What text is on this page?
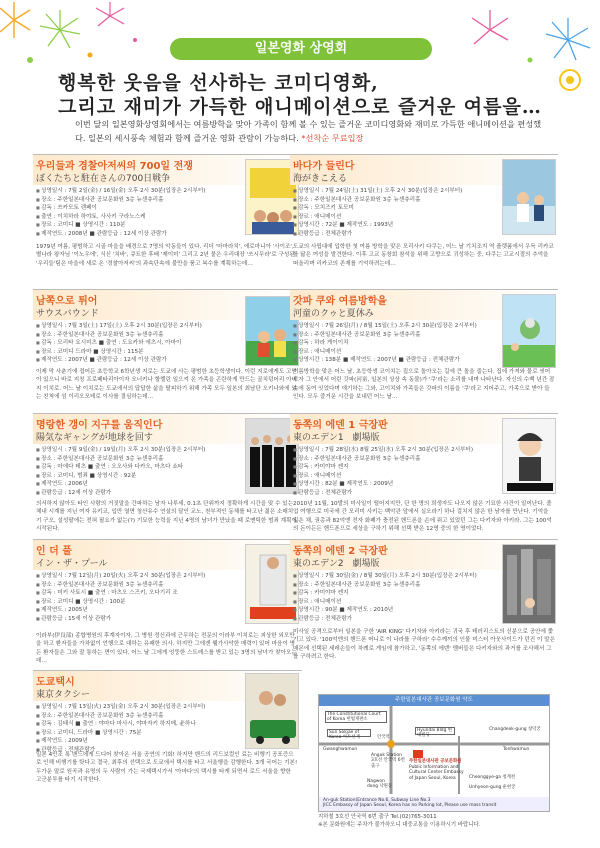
일본영화 상영회
행복한 웃음을 선사하는 코미디영화,
그리고 재미가 가득한 애니메이션으로 즐거운 여름을…
이번 달의 일본영화상영회에서는 여름방학을 맞아 가족이 함께 볼 수 있는 즐거운 코미디영화와 재미로 가득한 애니메이션을 편성했다. 일본의 세시풍속 체험과 함께 즐거운 영화 관람이 가능하다. *선착순 무료입장
우리들과 경찰아저씨의 700일 전쟁
ぼくたちと駐在さんの700日戦争
■ 상영일시 : 7월 2일(金) / 16일(金) 오후 2시 30분(입장은 2시부터)
■ 장소 : 주한일본대사관 공보문화원 3층 뉴센츄리홀
■ 감독 : 쓰카모토 렌페이
■ 출연 : 이치하라 하야토, 사사키 구라노스케
■ 장르 : 코미디 ■ 상영시간 : 110분
■ 제작연도 : 2008년 ■ 관람등급 : 12세 이상 관람가
1979년 여름, 평범하고 시골 마을을 배경으로 7명의 악동들이 있다. 리더 '마마라치', 에로마니아 '사이조', 별나라 왕자님 '이노우에', 식신 '치바', 큐트한 후배 '제이미' 그리고 2년 물은 우리대장 '쓰시무라'로 구성된 '우리들'팀은 마을에 새로 온 '경찰아저씨'의 과속단속에 불만을 품고 복수를 계획하는데…
남쪽으로 튀어
サウスバウンド
■ 상영일시 : 7월 3일(土) 17일(土) 오후 2시 30분(입장은 2시부터)
■ 장소 : 주한일본대사관 공보문화원 3층 뉴센츄리홀
■ 감독 : 모리타 요시미츠 ■ 출연 : 도요카와 에츠시, 아마이
■ 장르 : 코미디 드라마 ■ 상영시간 : 115분
■ 제작연도 : 2007년 ■ 관람등급 : 12세 이상 관람가
이제 막 사춘기에 접어든 초등학교 6학년생 지로는 도쿄에 사는 평범한 초등학생이다. 이런 지로에게도 고민이 있으니 바로 지칭 프로페타리아이자 오너키나 할렐린 일으켜 온 가족을 곤란하게 만드는 골치덩어리 아버지 이치로. 어느 날 이치로는 도쿄에서의 답답한 삶을 탈피하기 위해 가족 모두 일본의 최남단 오키나와에 있는 친척에 섬 이리오모테로 이사를 결심하는데…
명랑한 갱이 지구를 움직인다
陽気なギャングが地球を回す
■ 상영일시 : 7월 9일(金) / 19일(月) 오후 2시 30분(입장은 2시부터)
■ 장소 : 주한일본대사관 공보문화원 3층 뉴센츄리홀
■ 감독 : 마에다 테츠 ■ 출연 : 오오사와 다카오, 마츠다 쇼타
■ 장르 : 코미디, 범죄 ■ 상영시간 : 92분
■ 제작연도 : 2006년
■ 관람등급 : 12세 이상 관람가
의서하지 않아도 타인 사람의 거짓말을 간파하는 남자 나루세, 0.1초 단위까지 정확하게 시간을 맞 수 있는 체내 시계를 지닌 여자 유키코, 입만 열면 청산유수 연설의 달인 교노, 천부적인 동체를 타고난 젊은 소매치기 구오, 설성팔에는 전혀 필요가 없는(?) 기묘한 능력을 지닌 4명의 남녀가 만났을 때 로맨틱한 범죄 계획이 시작된다.
인 더 풀
イン・ザ・プール
■ 상영일시 : 7월 12일(月) 20일(火) 오후 2시 30분(입장은 2시부터)
■ 장소 : 주한일본대사관 공보문화원 3층 뉴센츄리홀
■ 감독 : 미키 사토시 ■ 출연 : 마츠오 스즈키, 오다기리 조
■ 장르 : 코미디 ■ 상영시간 : 100분
■ 제작연도 : 2005년
■ 관람등급 : 15세 이상 관람가
이라부(伊良部) 종합병원의 후계자이자, 그 병원 정신과에 근무하는 전문의 이라부 이치로는 괴상한 외모만을 하고 환자들을 가차없이 언행으로 대하는 유쾌한 의사. 하지만 그에겐 웰가사악한 매력이 있어 마음이 병든 환자들은 그와 잘 통하는 면이 있다. 어느 날 그에게 엉뚱한 스트레스를 받고 있는 3명의 남녀가 찾아오는데…
도쿄택시
東京タクシー
■ 상영일시 : 7월 13일(火) 23일(金) 오후 2시 30분(입장은 2시부터)
■ 장소 : 주한일본대사관 공보문화원 3층 뉴센츄리홀
■ 감독 : 김태식 ■ 출연 : 야마다 마사시, 야마자키 하지메, 윤하나
■ 장르 : 코미디, 드라마 ■ 상영시간 : 75분
■ 제작연도 : 2009년
■ 관람등급 : 전체관람가
일본 4인조 록 밴드에게 드디어 찾아온 서울 공연의 기회! 하지만 밴드의 리드보컬인 료는 비행기 공포증으로 인해 비행기를 탓다고 결국, 최후의 선택으로 도쿄에서 택시를 타고 서울행을 감행한다. 3개 국어는 기본! 두가운 말로 원곡과 유명의 두 사람이 가는 국제택시가서 '아마다'의 택시를 타게 되면서 로드 서울을 향한 고군분투를 타기 시작한다.
바다가 들린다
海がきこえる
■ 상영일시 : 7월 24일(土) 31일(土) 오후 2시 30분(입장은 2시부터)
■ 장소 : 주한일본대사관 공보문화원 3층 뉴센츄리홀
■ 감독 : 모치즈키 토모미
■ 장르 : 애니메이션
■ 상영시간 : 72분 ■ 제작연도 : 1993년
■ 관람등급 : 전체관람가
도쿄의 사립대에 입학한 첫 여름 방학을 맞은 모리사키 다쿠는, 어느 날 기치조지 역 플랫폼에서 우득 리카코를 닮은 여성을 발견한다. 이후 고교 동창회 참석을 위해 고향으로 귀성하는 중, 다쿠는 고교시절의 추억을 떠올리며 리카코의 존재를 기억하려는데…
갓파 쿠와 여름방학을
河童のクゥと夏休み
■ 상영일시 : 7월 26일(月) / 8월 15일(土) 오후 2시 30분(입장은 2시부터)
■ 장소 : 주한일본대사관 공보문화원 3층 뉴센츄리홀
■ 감독 : 하라 게이이치
■ 장르 : 애니메이션
■ 상영시간 : 138분 ■ 제작연도 : 2007년 ■ 관람등급 : 전체관람가
여름방학을 맞은 어느 날, 초등학생 코이치는 집으로 돌아오는 길에 큰 돌을 줍는다. 집에 가져와 물로 씻어보자 그 안에서 어린 갓파(河童, 일본의 상상 속 동물)가 '쿠'라는 소리를 내며 나타난다. 자신의 수백 년간 잠 속에 동여 잇었다며 얘기하는 그와, 고이치와 가족들은 갓파의 이름을 '쿠'라고 지어주고, 가족으로 받아 들인다. 모두 즐거운 시간을 보내던 어느 날…
동쪽의 에덴 1 극장판
東のエデン1　劇場版
■ 상영일시 : 7월 28일(水) 8월 25일(水) 오후 2시 30분(입장은 2시부터)
■ 장소 : 주한일본대사관 공보문화원 3층 뉴센츄리홀
■ 감독 : 카미야마 켄지
■ 장르 : 애니메이션
■ 상영시간 : 82분 ■ 제작연도 : 2009년
■ 관람등급 : 전체관람가
2010년 11월, 10발의 미사일이 떨어지지만, 단 한 명의 희생자도 나오지 않은 기묘한 사건이 일어난다. 졸업 여행으로 미국에 간 모리미 사키는 백악관 앞에서 실오라기 하나 걸치지 않은 한 남자를 만난다. 기억을 잃은 채, 권총과 82억엔 전자 화폐가 충전된 핸드폰을 손에 쥐고 있었던 그는 다키자와 아키라. 그는 100억의 돈이든든 핸드폰으로 세상을 구하기 위해 선택 받은 12명 중의 한 명이었다.
동쪽의 에덴 2 극장판
東のエデン2　劇場版
■ 상영일시 : 7월 30일(金) / 8월 30일(月) 오후 2시 30분(입장은 2시부터)
■ 장소 : 주한일본대사관 공보문화원 3층 뉴센츄리홀
■ 감독 : 카미야마 켄지
■ 장르 : 애니메이션
■ 상영시간 : 90분 ■ 제작연도 : 2010년
■ 관람등급 : 전체관람가
미사일 공격으로부터 일본을 구한 'AIR KING' 다키자와 아키라는 귀국 후 테러리스트의 신분으로 공안에 쫓기고 있다. '100억엔의 핸드폰 머니로 이 나라를 구하라' 수수께끼의 인물 미스터 아웃사이드가 던진 이 말은 매몬에 선택된 세레손들이 차례로 게임에 참가하고, '동쪽의 에덴' 멤버들은 다키자와의 과거를 조사해서 그를 구하려고 한다.
주한일본대사관 공보문화원 약도
The Constitutional Court of Korea 헌법재판소
Sun Sokjae of Korea 아트선재
Hyundai Bldg 현대빌딩
Changdeok-gung 창덕궁
안국역
Gwanghwamun	Tonhwamun
Anguk Station 3호선 안국역 6번출구
주한일본대사관 공보문화원
Public Information and Cultural Center Embassy of Japan Seoul, Korea
Nagwon dong 낙원동
Cheonggye-ga 청계천
Unhyeon-gung 운현궁
An-guk Station(Entrance No.6, Subway Line No.3
JICC Embassy of Japan Seoul, Korea has no Parking lot, Please use mass transit
지하철 3호선 안국역 6번 출구 Tel.(02)765-3011
※본 문화원에는 주차가 불가하오니 대중교통을 이용하시기 바랍니다.
